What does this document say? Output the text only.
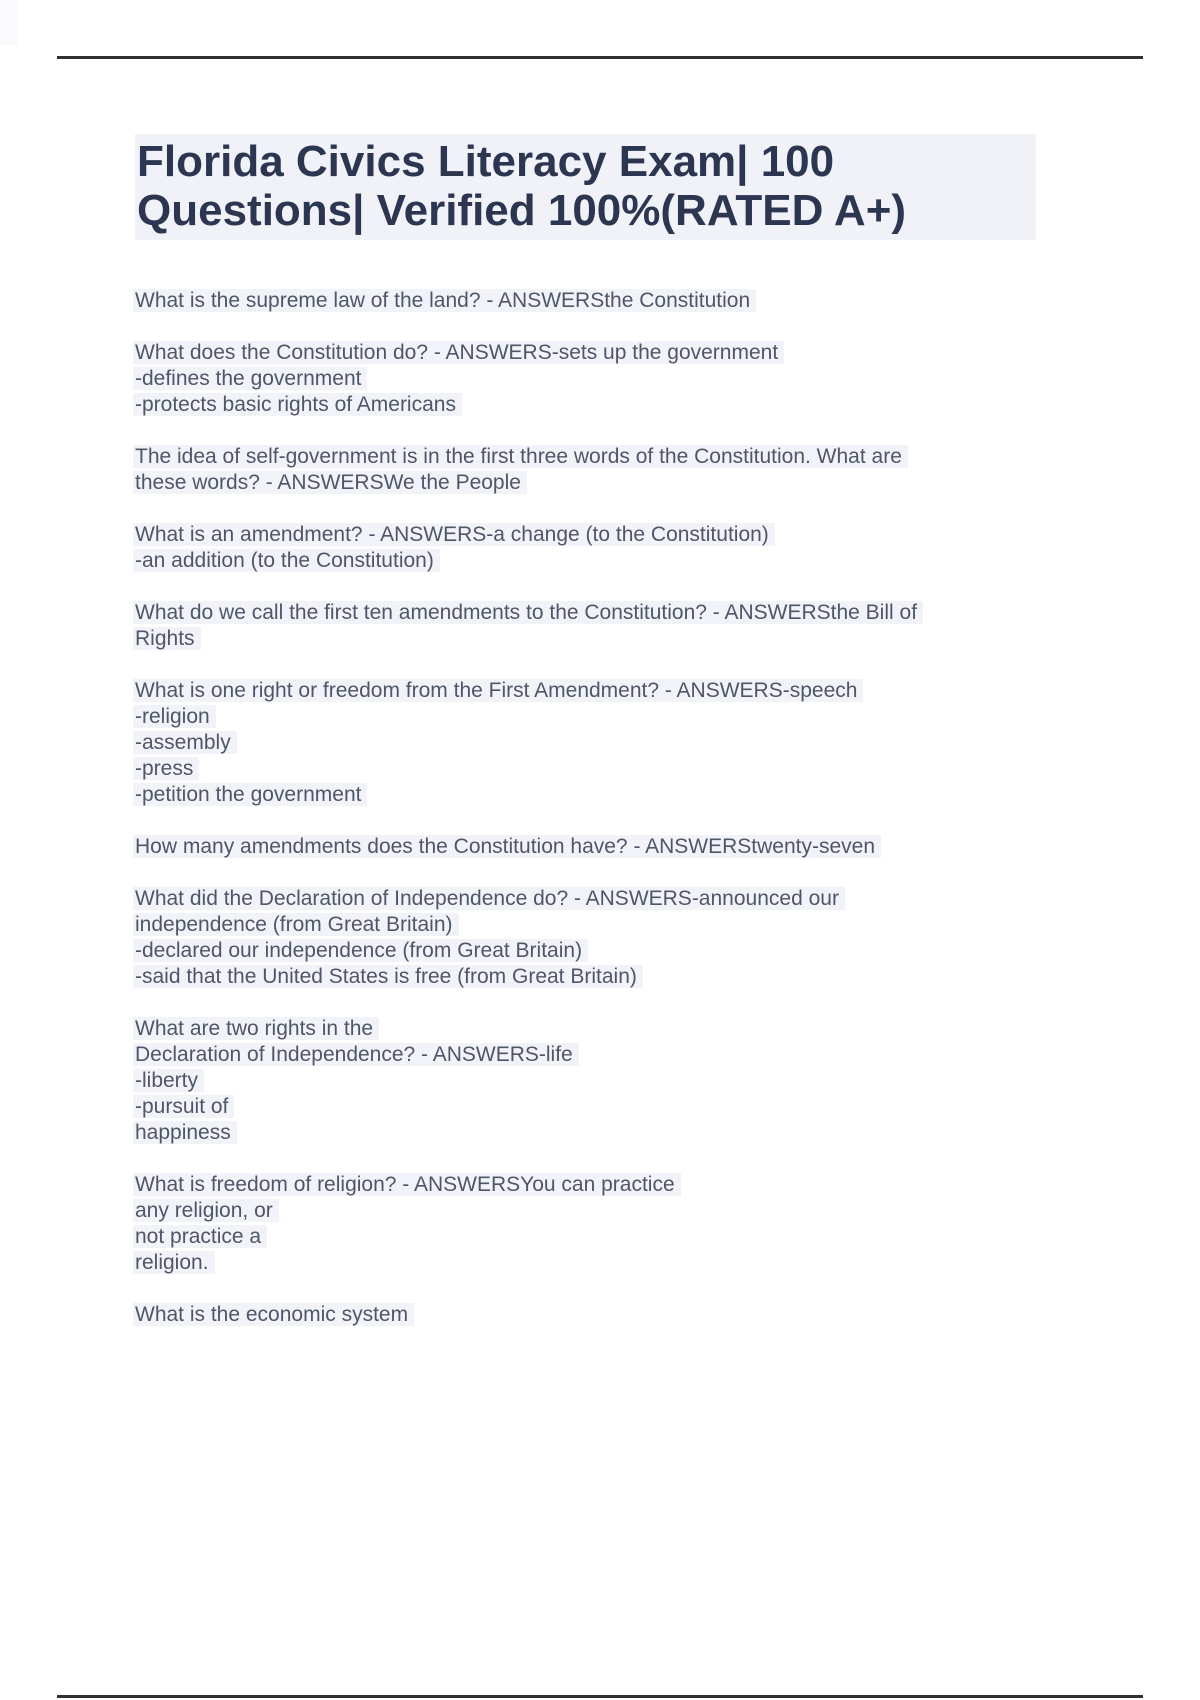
Florida Civics Literacy Exam| 100
Questions| Verified 100%(RATED A+)

What is the supreme law of the land? - ANSWERSthe Constitution

What does the Constitution do? - ANSWERS-sets up the government
-defines the government
-protects basic rights of Americans

The idea of self-government is in the first three words of the Constitution. What are
these words? - ANSWERSWe the People

What is an amendment? - ANSWERS-a change (to the Constitution)
-an addition (to the Constitution)

What do we call the first ten amendments to the Constitution? - ANSWERSthe Bill of
Rights

What is one right or freedom from the First Amendment? - ANSWERS-speech
-religion
-assembly
-press
-petition the government

How many amendments does the Constitution have? - ANSWERStwenty-seven

What did the Declaration of Independence do? - ANSWERS-announced our
independence (from Great Britain)
-declared our independence (from Great Britain)
-said that the United States is free (from Great Britain)

What are two rights in the
Declaration of Independence? - ANSWERS-life
-liberty
-pursuit of
happiness

What is freedom of religion? - ANSWERSYou can practice
any religion, or
not practice a
religion.

What is the economic system
